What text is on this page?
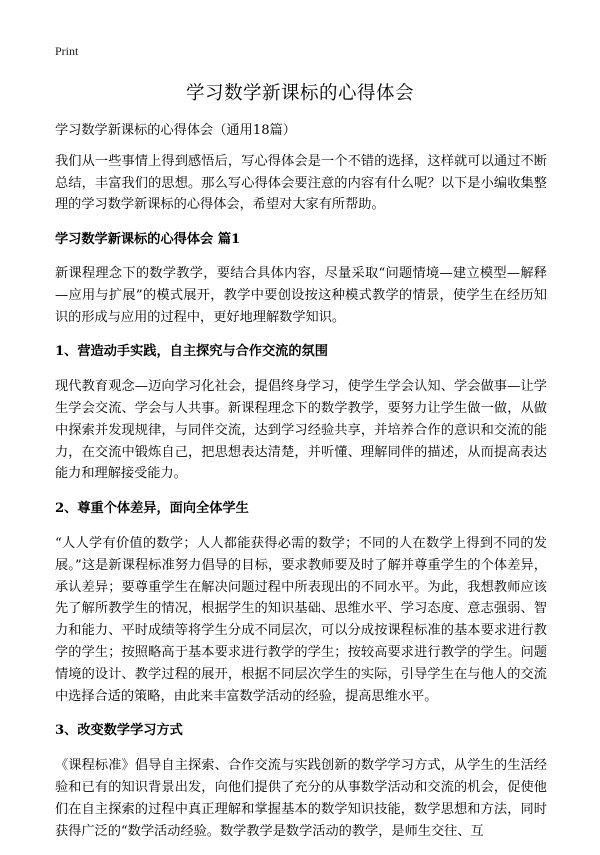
Print
学习数学新课标的心得体会

学习数学新课标的心得体会（通用18篇）

我们从一些事情上得到感悟后，写心得体会是一个不错的选择，这样就可以通过不断总结，丰富我们的思想。那么写心得体会要注意的内容有什么呢？以下是小编收集整理的学习数学新课标的心得体会，希望对大家有所帮助。

学习数学新课标的心得体会 篇1

新课程理念下的数学教学，要结合具体内容，尽量采取“问题情境—建立模型—解释—应用与扩展”的模式展开，教学中要创设按这种模式教学的情景，使学生在经历知识的形成与应用的过程中，更好地理解数学知识。

1、营造动手实践，自主探究与合作交流的氛围

现代教育观念—迈向学习化社会，提倡终身学习，使学生学会认知、学会做事—让学生学会交流、学会与人共事。新课程理念下的数学教学，要努力让学生做一做，从做中探索并发现规律，与同伴交流，达到学习经验共享，并培养合作的意识和交流的能力，在交流中锻炼自己，把思想表达清楚，并听懂、理解同伴的描述，从而提高表达能力和理解接受能力。

2、尊重个体差异，面向全体学生

“人人学有价值的数学；人人都能获得必需的数学；不同的人在数学上得到不同的发展。”这是新课程标准努力倡导的目标，要求教师要及时了解并尊重学生的个体差异，承认差异；要尊重学生在解决问题过程中所表现出的不同水平。为此，我想教师应该先了解所教学生的情况，根据学生的知识基础、思维水平、学习态度、意志强弱、智力和能力、平时成绩等将学生分成不同层次，可以分成按课程标准的基本要求进行教学的学生；按照略高于基本要求进行教学的学生；按较高要求进行教学的学生。问题情境的设计、教学过程的展开，根据不同层次学生的实际，引导学生在与他人的交流中选择合适的策略，由此来丰富数学活动的经验，提高思维水平。

3、改变数学学习方式

《课程标准》倡导自主探索、合作交流与实践创新的数学学习方式，从学生的生活经验和已有的知识背景出发，向他们提供了充分的从事数学活动和交流的机会，促使他们在自主探索的过程中真正理解和掌握基本的数学知识技能，数学思想和方法，同时获得广泛的“数学活动经验。数学教学是数学活动的教学，是师生交往、互
